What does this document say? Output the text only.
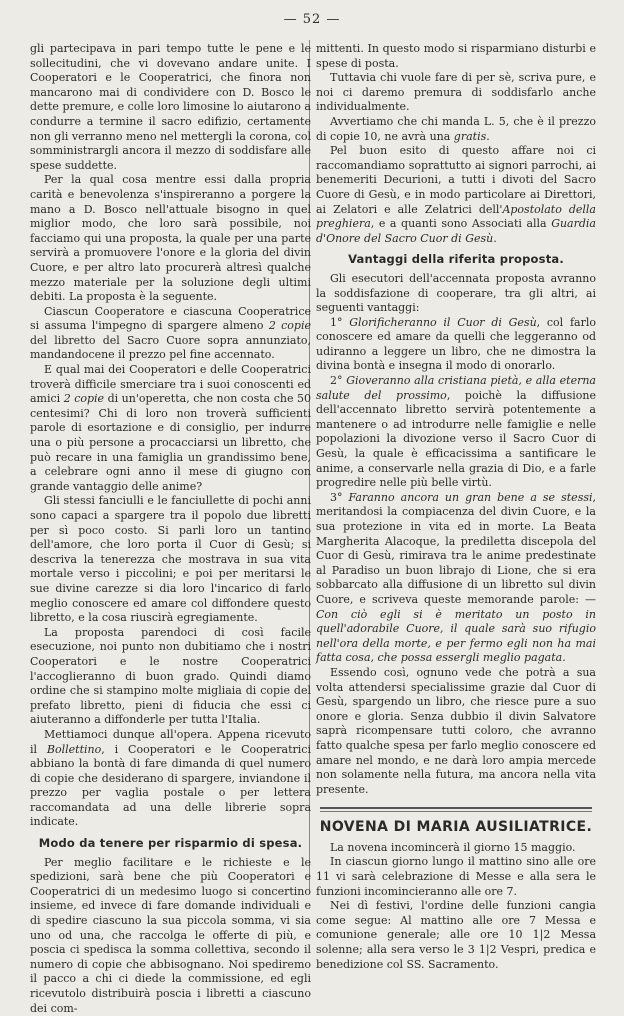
— 52 —

gli partecipava in pari tempo tutte le pene e le sollecitudini, che vi dovevano andare unite. I Cooperatori e le Cooperatrici, che finora non mancarono mai di condividere con D. Bosco le dette premure, e colle loro limosine lo aiutarono a condurre a termine il sacro edifizio, certamente non gli verranno meno nel mettergli la corona, col somministrargli ancora il mezzo di soddisfare alle spese suddette.

Per la qual cosa mentre essi dalla propria carità e benevolenza s'inspireranno a porgere la mano a D. Bosco nell'attuale bisogno in quel miglior modo, che loro sarà possibile, noi facciamo qui una proposta, la quale per una parte servirà a promuovere l'onore e la gloria del divin Cuore, e per altro lato procurerà altresì qualche mezzo materiale per la soluzione degli ultimi debiti. La proposta è la seguente.

Ciascun Cooperatore e ciascuna Cooperatrice si assuma l'impegno di spargere almeno 2 copie del libretto del Sacro Cuore sopra annunziato, mandandocene il prezzo pel fine accennato.

E qual mai dei Cooperatori e delle Cooperatrici troverà difficile smerciare tra i suoi conoscenti ed amici 2 copie di un'operetta, che non costa che 50 centesimi? Chi di loro non troverà sufficienti parole di esortazione e di consiglio, per indurre una o più persone a procacciarsi un libretto, che può recare in una famiglia un grandissimo bene, a celebrare ogni anno il mese di giugno con grande vantaggio delle anime?

Gli stessi fanciulli e le fanciullette di pochi anni sono capaci a spargere tra il popolo due libretti per sì poco costo. Si parli loro un tantino dell'amore, che loro porta il Cuor di Gesù; si descriva la tenerezza che mostrava in sua vita mortale verso i piccolini; e poi per meritarsi le sue divine carezze si dia loro l'incarico di farlo meglio conoscere ed amare col diffondere questo libretto, e la cosa riuscirà egregiamente.

La proposta parendoci di così facile esecuzione, noi punto non dubitiamo che i nostri Cooperatori e le nostre Cooperatrici l'accoglieranno di buon grado. Quindi diamo ordine che si stampino molte migliaia di copie del prefato libretto, pieni di fiducia che essi ci aiuteranno a diffonderle per tutta l'Italia.

Mettiamoci dunque all'opera. Appena ricevuto il Bollettino, i Cooperatori e le Cooperatrici abbiano la bontà di fare dimanda di quel numero di copie che desiderano di spargere, inviandone il prezzo per vaglia postale o per lettera raccomandata ad una delle librerie sopra indicate.

Modo da tenere per risparmio di spesa.

Per meglio facilitare e le richieste e le spedizioni, sarà bene che più Cooperatori e Cooperatrici di un medesimo luogo si concertino insieme, ed invece di fare domande individuali e di spedire ciascuno la sua piccola somma, vi sia uno od una, che raccolga le offerte di più, e poscia ci spedisca la somma collettiva, secondo il numero di copie che abbisognano. Noi spediremo il pacco a chi ci diede la commissione, ed egli ricevutolo distribuirà poscia i libretti a ciascuno dei com-

mittenti. In questo modo si risparmiano disturbi e spese di posta.

Tuttavia chi vuole fare di per sè, scriva pure, e noi ci daremo premura di soddisfarlo anche individualmente.

Avvertiamo che chi manda L. 5, che è il prezzo di copie 10, ne avrà una gratis.

Pel buon esito di questo affare noi ci raccomandiamo soprattutto ai signori parrochi, ai benemeriti Decurioni, a tutti i divoti del Sacro Cuore di Gesù, e in modo particolare ai Direttori, ai Zelatori e alle Zelatrici dell'Apostolato della preghiera, e a quanti sono Associati alla Guardia d'Onore del Sacro Cuor di Gesù.

Vantaggi della riferita proposta.

Gli esecutori dell'accennata proposta avranno la soddisfazione di cooperare, tra gli altri, ai seguenti vantaggi:

1° Glorificheranno il Cuor di Gesù, col farlo conoscere ed amare da quelli che leggeranno od udiranno a leggere un libro, che ne dimostra la divina bontà e insegna il modo di onorarlo.

2° Gioveranno alla cristiana pietà, e alla eterna salute del prossimo, poichè la diffusione dell'accennato libretto servirà potentemente a mantenere o ad introdurre nelle famiglie e nelle popolazioni la divozione verso il Sacro Cuor di Gesù, la quale è efficacissima a santificare le anime, a conservarle nella grazia di Dio, e a farle progredire nelle più belle virtù.

3° Faranno ancora un gran bene a se stessi, meritandosi la compiacenza del divin Cuore, e la sua protezione in vita ed in morte. La Beata Margherita Alacoque, la prediletta discepola del Cuor di Gesù, rimirava tra le anime predestinate al Paradiso un buon librajo di Lione, che si era sobbarcato alla diffusione di un libretto sul divin Cuore, e scriveva queste memorande parole: — Con ciò egli si è meritato un posto in quell'adorabile Cuore, il quale sarà suo rifugio nell'ora della morte, e per fermo egli non ha mai fatta cosa, che possa essergli meglio pagata.

Essendo così, ognuno vede che potrà a sua volta attendersi specialissime grazie dal Cuor di Gesù, spargendo un libro, che riesce pure a suo onore e gloria. Senza dubbio il divin Salvatore saprà ricompensare tutti coloro, che avranno fatto qualche spesa per farlo meglio conoscere ed amare nel mondo, e ne darà loro ampia mercede non solamente nella futura, ma ancora nella vita presente.

NOVENA DI MARIA AUSILIATRICE.

La novena incomincerà il giorno 15 maggio.

In ciascun giorno lungo il mattino sino alle ore 11 vi sarà celebrazione di Messe e alla sera le funzioni incomincieranno alle ore 7.

Nei dì festivi, l'ordine delle funzioni cangia come segue: Al mattino alle ore 7 Messa e comunione generale; alle ore 10 1|2 Messa solenne; alla sera verso le 3 1|2 Vespri, predica e benedizione col SS. Sacramento.
